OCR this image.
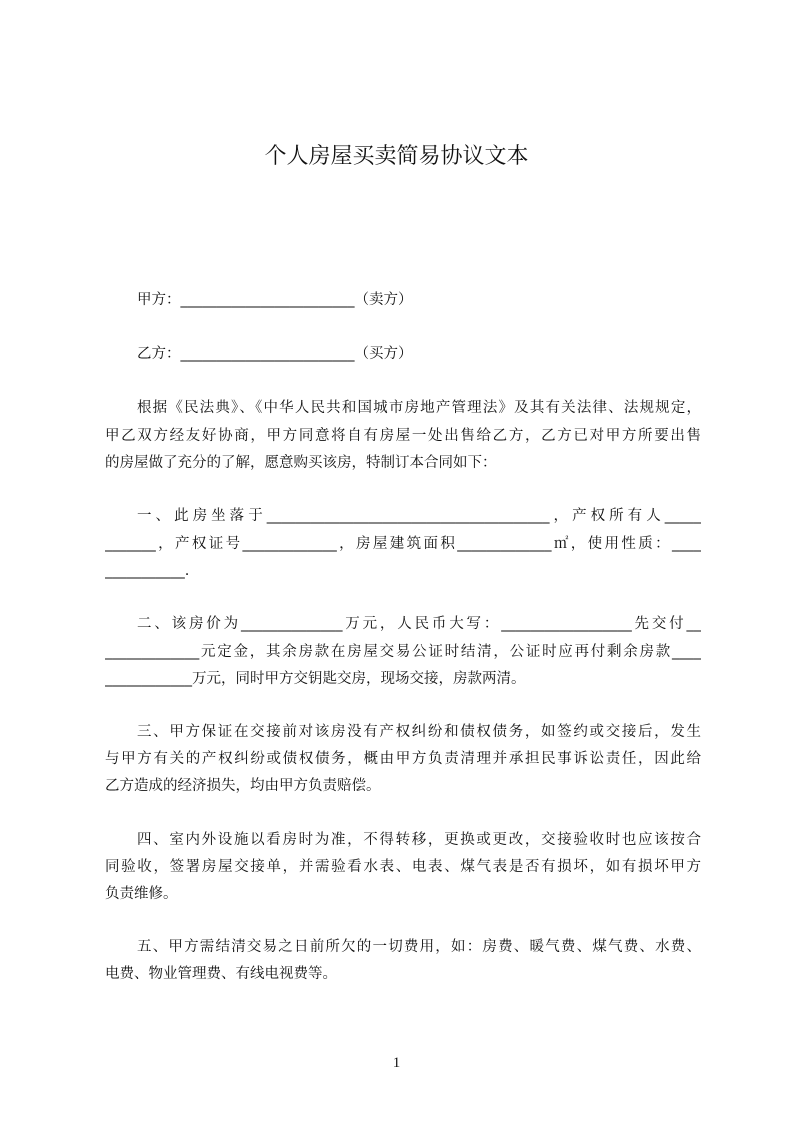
个人房屋买卖简易协议文本
甲方：________________________（卖方）
乙方：________________________（买方）
根据《民法典》、《中华人民共和国城市房地产管理法》及其有关法律、法规规定，
甲乙双方经友好协商，甲方同意将自有房屋一处出售给乙方，乙方已对甲方所要出售
的房屋做了充分的了解，愿意购买该房，特制订本合同如下：
一、此房坐落于_______________________________________，产权所有人_____
_______，产权证号_____________，房屋建筑面积_____________㎡，使用性质：____
___________.
二、该房价为______________万元，人民币大写：__________________先交付__
_____________元定金，其余房款在房屋交易公证时结清，公证时应再付剩余房款____
____________万元，同时甲方交钥匙交房，现场交接，房款两清。
三、甲方保证在交接前对该房没有产权纠纷和债权债务，如签约或交接后，发生
与甲方有关的产权纠纷或债权债务，概由甲方负责清理并承担民事诉讼责任，因此给
乙方造成的经济损失，均由甲方负责赔偿。
四、室内外设施以看房时为准，不得转移，更换或更改，交接验收时也应该按合
同验收，签署房屋交接单，并需验看水表、电表、煤气表是否有损坏，如有损坏甲方
负责维修。
五、甲方需结清交易之日前所欠的一切费用，如：房费、暖气费、煤气费、水费、
电费、物业管理费、有线电视费等。
1
